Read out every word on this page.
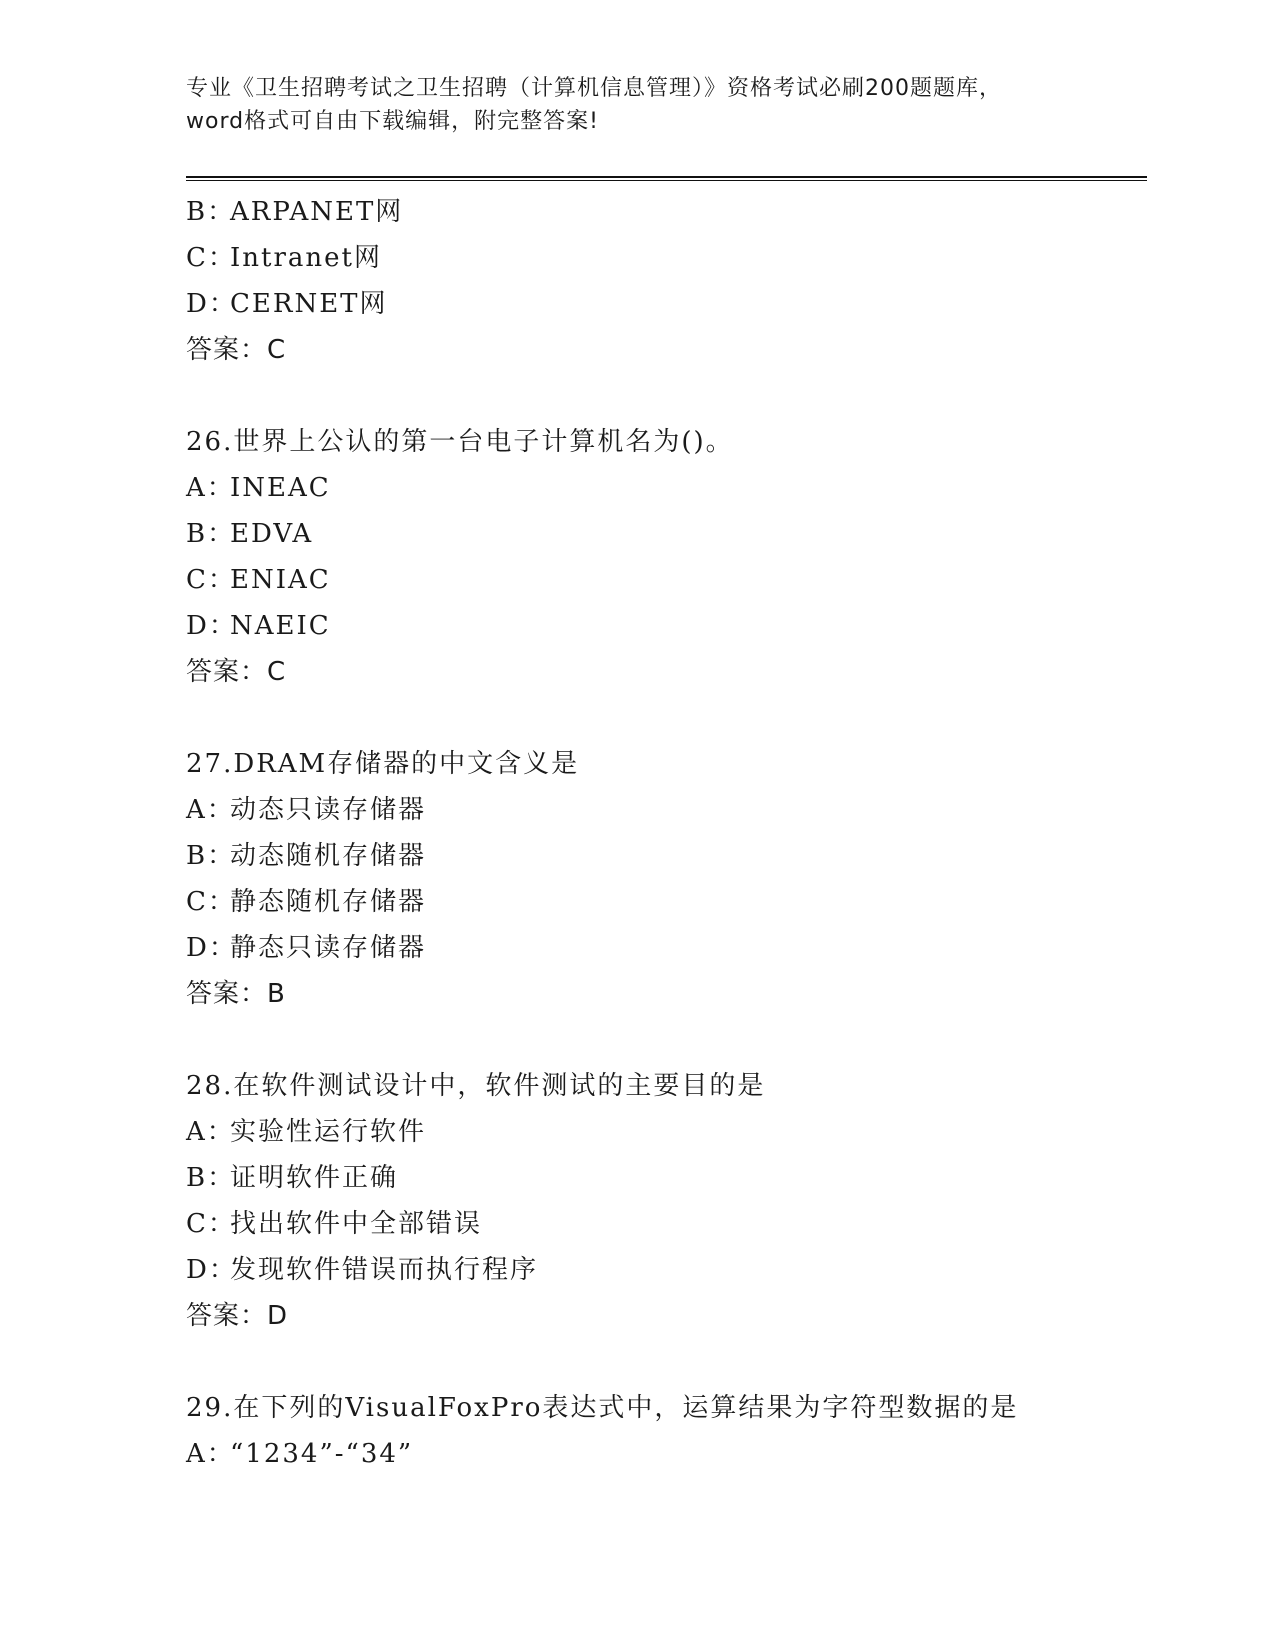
专业《卫生招聘考试之卫生招聘（计算机信息管理）》资格考试必刷200题题库，
word格式可自由下载编辑，附完整答案!
B：ARPANET网
C：Intranet网
D：CERNET网
答案：C
26.世界上公认的第一台电子计算机名为()。
A：INEAC
B：EDVA
C：ENIAC
D：NAEIC
答案：C
27.DRAM存储器的中文含义是
A：动态只读存储器
B：动态随机存储器
C：静态随机存储器
D：静态只读存储器
答案：B
28.在软件测试设计中，软件测试的主要目的是
A：实验性运行软件
B：证明软件正确
C：找出软件中全部错误
D：发现软件错误而执行程序
答案：D
29.在下列的VisualFoxPro表达式中，运算结果为字符型数据的是
A：“1234”-“34”
